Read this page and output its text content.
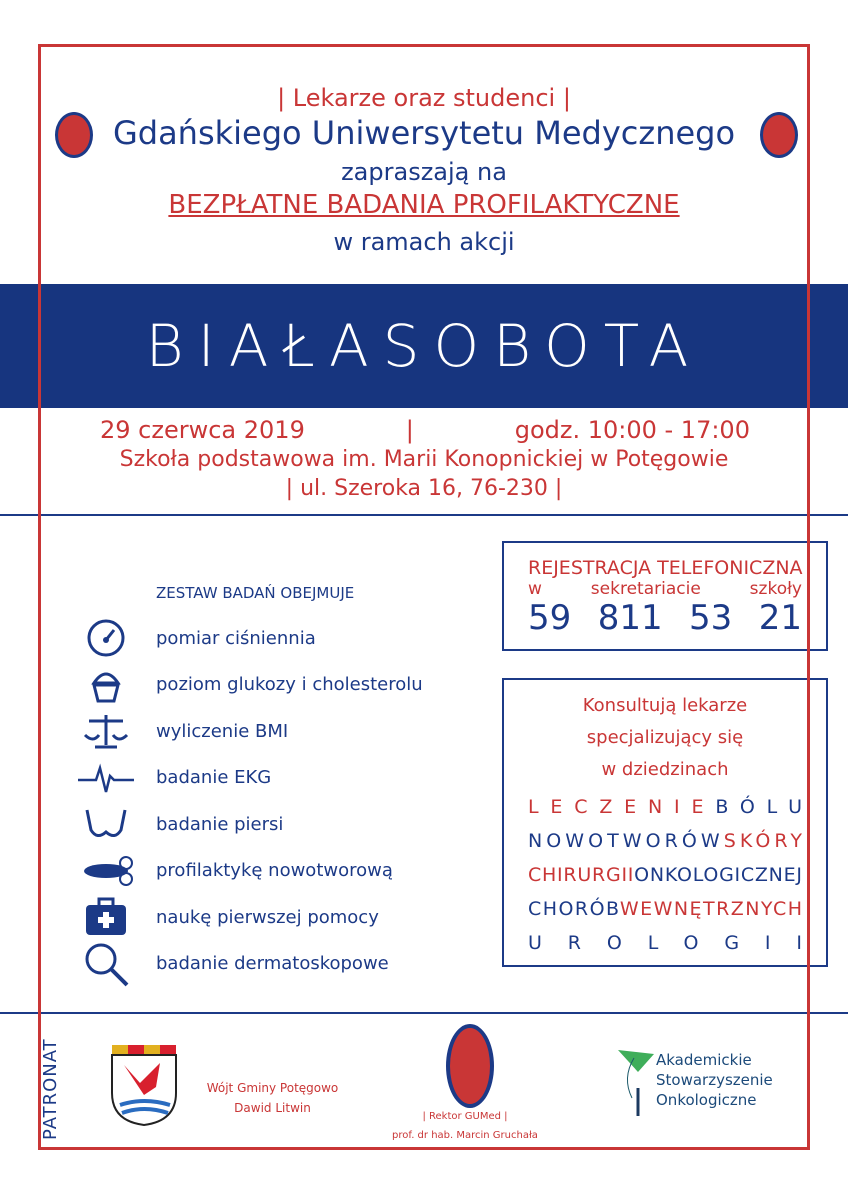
| Lekarze oraz studenci |
Gdańskiego Uniwersytetu Medycznego
zapraszają na
BEZPŁATNE BADANIA PROFILAKTYCZNE
w ramach akcji
BIAŁASOBOTA
29 czerwca 2019	|	godz. 10:00 - 17:00
Szkoła podstawowa im. Marii Konopnickiej w Potęgowie
| ul. Szeroka 16, 76-230 |
ZESTAW BADAŃ OBEJMUJE
pomiar ciśniennia
poziom glukozy i cholesterolu
wyliczenie BMI
badanie EKG
badanie piersi
profilaktykę nowotworową
naukę pierwszej pomocy
badanie dermatoskopowe
REJESTRACJA TELEFONICZNA
w	sekretariacie	szkoły
59 811 53 21
Konsultują lekarze
specjalizujący się
w dziedzinach
LECZENIEBÓLU
NOWOTWORÓWSKÓRY
CHIRURGIIONKOLOGICZNEJ
CHORÓBWEWNĘTRZNYCH
UROLOGII
PATRONAT	Wójt Gminy Potęgowo
Dawid Litwin
| Rektor GUMed |
prof. dr hab. Marcin Gruchała
Akademickie
Stowarzyszenie
Onkologiczne
